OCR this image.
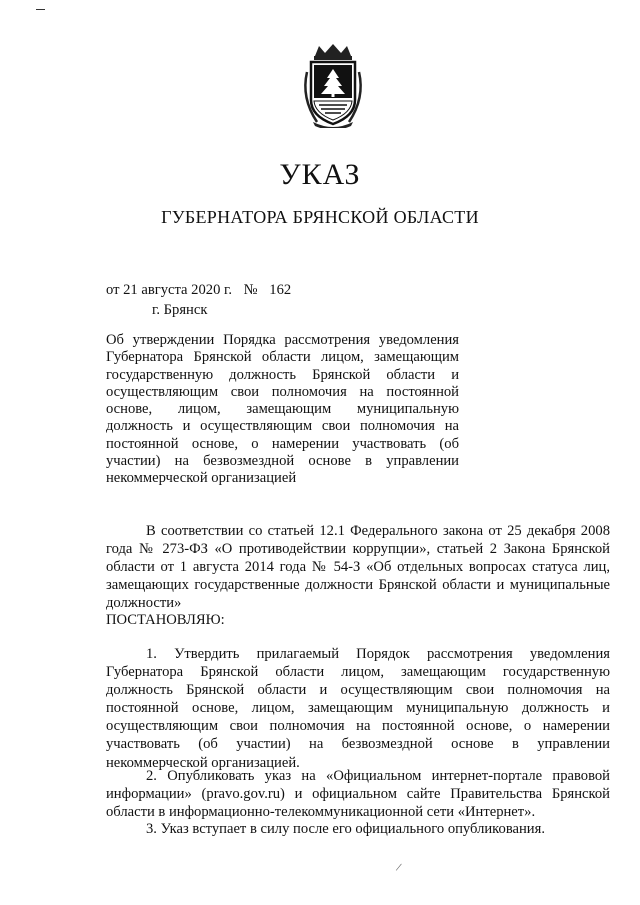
УКАЗ
ГУБЕРНАТОРА БРЯНСКОЙ ОБЛАСТИ
от 21 августа 2020 г. № 162
г. Брянск

Об утверждении Порядка рассмотрения уведомления Губернатора Брянской области лицом, замещающим государственную должность Брянской области и осуществляющим свои полномочия на постоянной основе, лицом, замещающим муниципальную должность и осуществляющим свои полномочия на постоянной основе, о намерении участвовать (об участии) на безвозмездной основе в управлении некоммерческой организацией

В соответствии со статьей 12.1 Федерального закона от 25 декабря 2008 года № 273-ФЗ «О противодействии коррупции», статьей 2 Закона Брянской области от 1 августа 2014 года № 54-З «Об отдельных вопросах статуса лиц, замещающих государственные должности Брянской области и муниципальные должности»

ПОСТАНОВЛЯЮ:

1. Утвердить прилагаемый Порядок рассмотрения уведомления Губернатора Брянской области лицом, замещающим государственную должность Брянской области и осуществляющим свои полномочия на постоянной основе, лицом, замещающим муниципальную должность и осуществляющим свои полномочия на постоянной основе, о намерении участвовать (об участии) на безвозмездной основе в управлении некоммерческой организацией.

2. Опубликовать указ на «Официальном интернет-портале правовой информации» (pravo.gov.ru) и официальном сайте Правительства Брянской области в информационно-телекоммуникационной сети «Интернет».

3. Указ вступает в силу после его официального опубликования.

/
